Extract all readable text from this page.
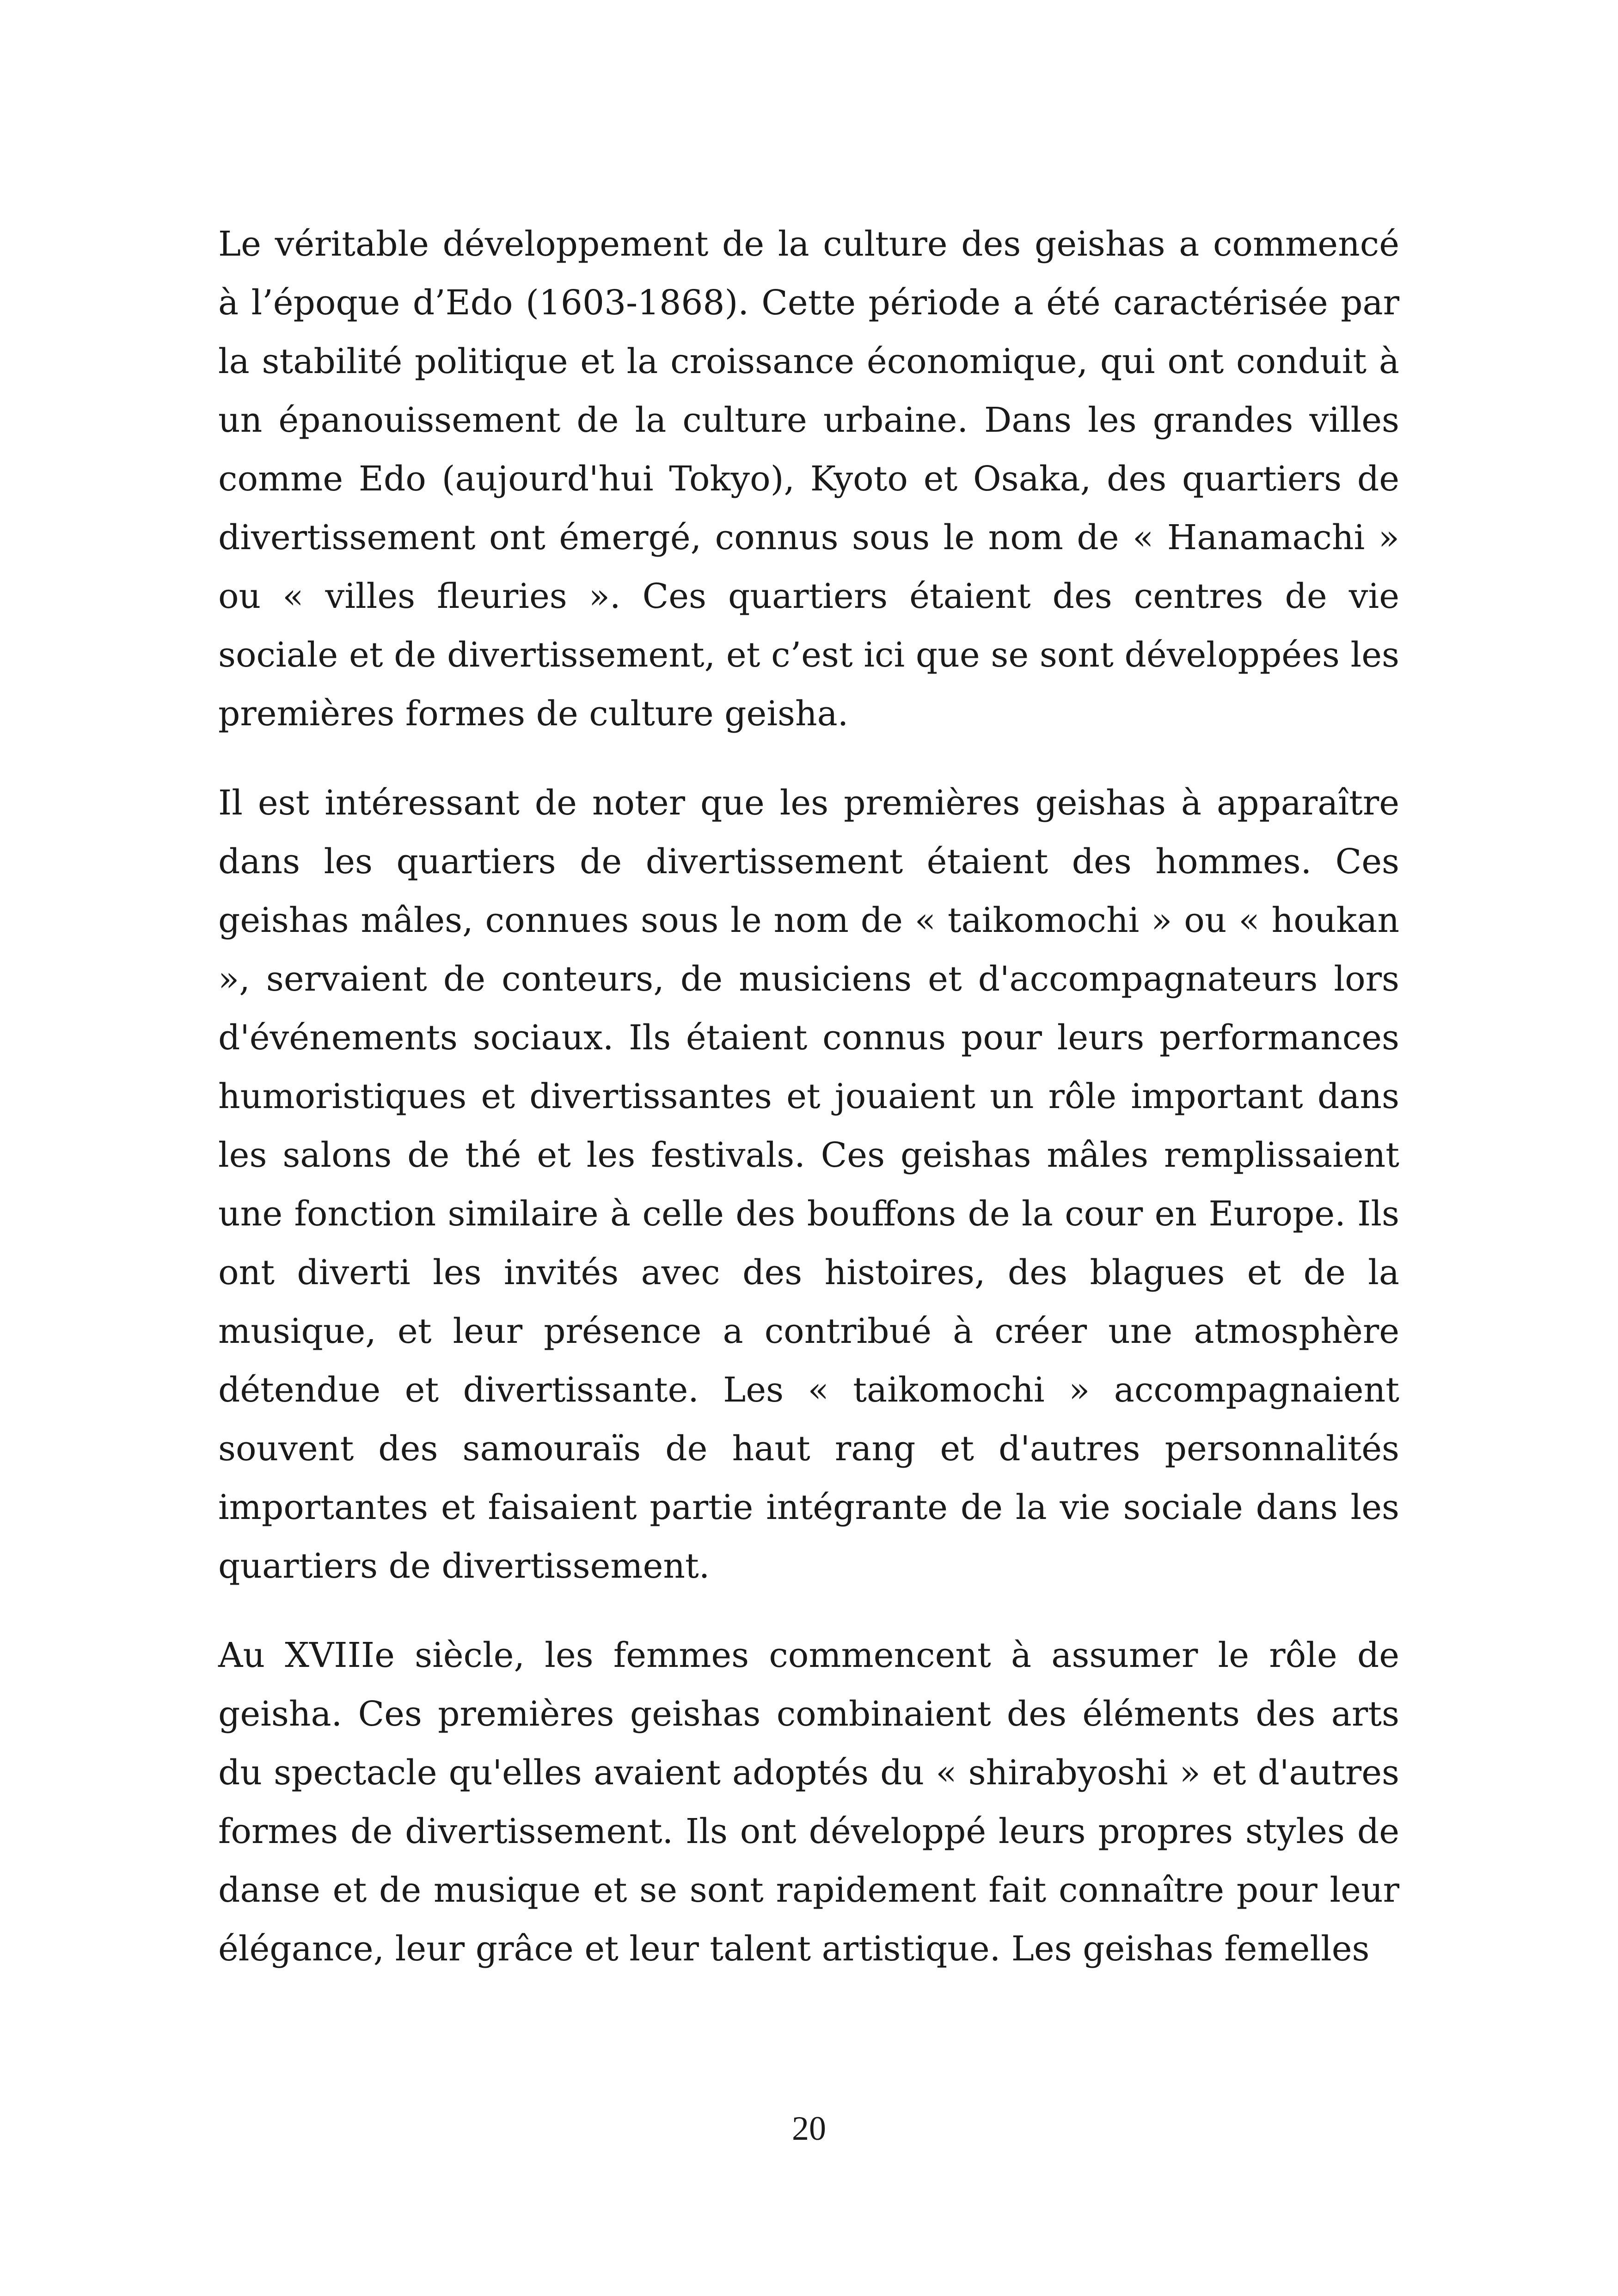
Le véritable développement de la culture des geishas a commencé à l’époque d’Edo (1603-1868). Cette période a été caractérisée par la stabilité politique et la croissance économique, qui ont conduit à un épanouissement de la culture urbaine. Dans les grandes villes comme Edo (aujourd'hui Tokyo), Kyoto et Osaka, des quartiers de divertissement ont émergé, connus sous le nom de « Hanamachi » ou « villes fleuries ». Ces quartiers étaient des centres de vie sociale et de divertissement, et c’est ici que se sont développées les premières formes de culture geisha.

Il est intéressant de noter que les premières geishas à apparaître dans les quartiers de divertissement étaient des hommes. Ces geishas mâles, connues sous le nom de « taikomochi » ou « houkan », servaient de conteurs, de musiciens et d'accompagnateurs lors d'événements sociaux. Ils étaient connus pour leurs performances humoristiques et divertissantes et jouaient un rôle important dans les salons de thé et les festivals. Ces geishas mâles remplissaient une fonction similaire à celle des bouffons de la cour en Europe. Ils ont diverti les invités avec des histoires, des blagues et de la musique, et leur présence a contribué à créer une atmosphère détendue et divertissante. Les « taikomochi » accompagnaient souvent des samouraïs de haut rang et d'autres personnalités importantes et faisaient partie intégrante de la vie sociale dans les quartiers de divertissement.

Au XVIIIe siècle, les femmes commencent à assumer le rôle de geisha. Ces premières geishas combinaient des éléments des arts du spectacle qu'elles avaient adoptés du « shirabyoshi » et d'autres formes de divertissement. Ils ont développé leurs propres styles de danse et de musique et se sont rapidement fait connaître pour leur élégance, leur grâce et leur talent artistique. Les geishas femelles

20
